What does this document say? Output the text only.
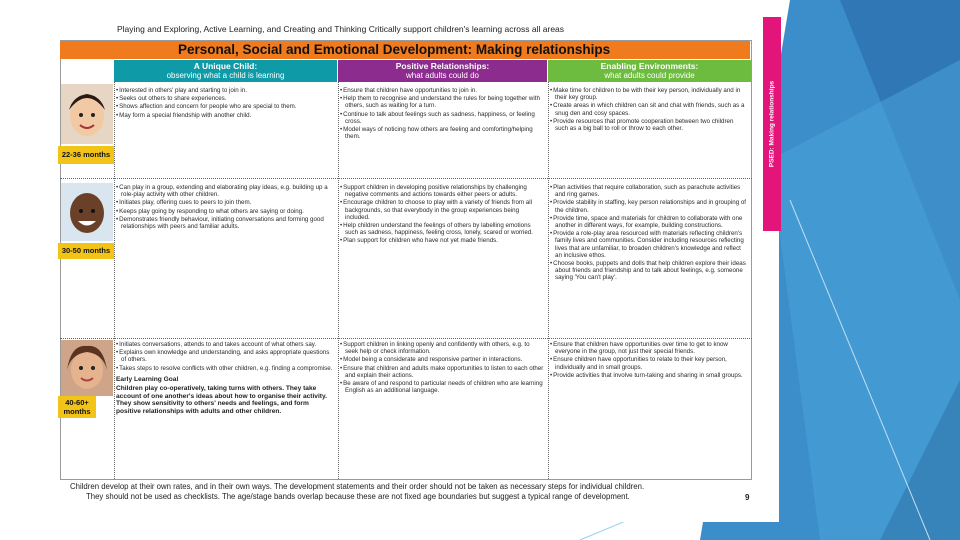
Playing and Exploring, Active Learning, and Creating and Thinking Critically support children's learning across all areas
Personal, Social and Emotional Development: Making relationships
A Unique Child:
observing what a child is learning
Positive Relationships:
what adults could do
Enabling Environments:
what adults could provide
22-36 months
30-50 months
40-60+ months
• Interested in others' play and starting to join in.
• Seeks out others to share experiences.
• Shows affection and concern for people who are special to them.
• May form a special friendship with another child.
• Ensure that children have opportunities to join in.
• Help them to recognise and understand the rules for being together with others, such as waiting for a turn.
• Continue to talk about feelings such as sadness, happiness, or feeling cross.
• Model ways of noticing how others are feeling and comforting/helping them.
• Make time for children to be with their key person, individually and in their key group.
• Create areas in which children can sit and chat with friends, such as a snug den and cosy spaces.
• Provide resources that promote cooperation between two children such as a big ball to roll or throw to each other.
• Can play in a group, extending and elaborating play ideas, e.g. building up a role-play activity with other children.
• Initiates play, offering cues to peers to join them.
• Keeps play going by responding to what others are saying or doing.
• Demonstrates friendly behaviour, initiating conversations and forming good relationships with peers and familiar adults.
• Support children in developing positive relationships by challenging negative comments and actions towards either peers or adults.
• Encourage children to choose to play with a variety of friends from all backgrounds, so that everybody in the group experiences being included.
• Help children understand the feelings of others by labelling emotions such as sadness, happiness, feeling cross, lonely, scared or worried.
• Plan support for children who have not yet made friends.
• Plan activities that require collaboration, such as parachute activities and ring games.
• Provide stability in staffing, key person relationships and in grouping of the children.
• Provide time, space and materials for children to collaborate with one another in different ways, for example, building constructions.
• Provide a role-play area resourced with materials reflecting children's family lives and communities. Consider including resources reflecting lives that are unfamiliar, to broaden children's knowledge and reflect an inclusive ethos.
• Choose books, puppets and dolls that help children explore their ideas about friends and friendship and to talk about feelings, e.g. someone saying 'You can't play'.
• Initiates conversations, attends to and takes account of what others say.
• Explains own knowledge and understanding, and asks appropriate questions of others.
• Takes steps to resolve conflicts with other children, e.g. finding a compromise.
Early Learning Goal
Children play co-operatively, taking turns with others. They take account of one another's ideas about how to organise their activity. They show sensitivity to others' needs and feelings, and form positive relationships with adults and other children.
• Support children in linking openly and confidently with others, e.g. to seek help or check information.
• Model being a considerate and responsive partner in interactions.
• Ensure that children and adults make opportunities to listen to each other and explain their actions.
• Be aware of and respond to particular needs of children who are learning English as an additional language.
• Ensure that children have opportunities over time to get to know everyone in the group, not just their special friends.
• Ensure children have opportunities to relate to their key person, individually and in small groups.
• Provide activities that involve turn-taking and sharing in small groups.
Children develop at their own rates, and in their own ways. The development statements and their order should not be taken as necessary steps for individual children.
They should not be used as checklists. The age/stage bands overlap because these are not fixed age boundaries but suggest a typical range of development.	9
PSED: Making relationships
